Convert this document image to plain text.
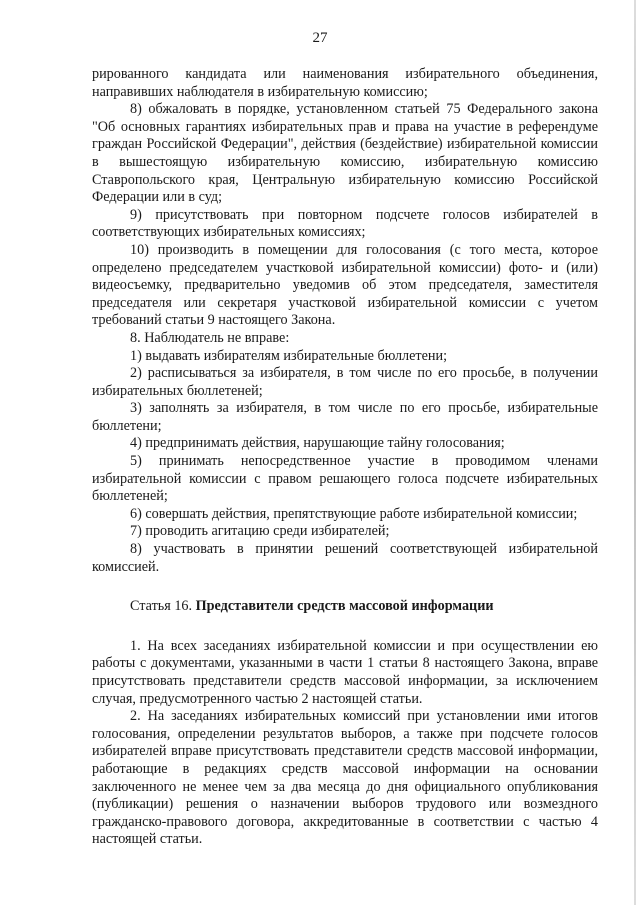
27

рированного кандидата или наименования избирательного объединения, направивших наблюдателя в избирательную комиссию;

8) обжаловать в порядке, установленном статьей 75 Федерального закона "Об основных гарантиях избирательных прав и права на участие в референдуме граждан Российской Федерации", действия (бездействие) избирательной комиссии в вышестоящую избирательную комиссию, избирательную комиссию Ставропольского края, Центральную избирательную комиссию Российской Федерации или в суд;

9) присутствовать при повторном подсчете голосов избирателей в соответствующих избирательных комиссиях;

10) производить в помещении для голосования (с того места, которое определено председателем участковой избирательной комиссии) фото- и (или) видеосъемку, предварительно уведомив об этом председателя, заместителя председателя или секретаря участковой избирательной комиссии с учетом требований статьи 9 настоящего Закона.

8. Наблюдатель не вправе:

1) выдавать избирателям избирательные бюллетени;

2) расписываться за избирателя, в том числе по его просьбе, в получении избирательных бюллетеней;

3) заполнять за избирателя, в том числе по его просьбе, избирательные бюллетени;

4) предпринимать действия, нарушающие тайну голосования;

5) принимать непосредственное участие в проводимом членами избирательной комиссии с правом решающего голоса подсчете избирательных бюллетеней;

6) совершать действия, препятствующие работе избирательной комиссии;

7) проводить агитацию среди избирателей;

8) участвовать в принятии решений соответствующей избирательной комиссией.

Статья 16. Представители средств массовой информации

1. На всех заседаниях избирательной комиссии и при осуществлении ею работы с документами, указанными в части 1 статьи 8 настоящего Закона, вправе присутствовать представители средств массовой информации, за исключением случая, предусмотренного частью 2 настоящей статьи.

2. На заседаниях избирательных комиссий при установлении ими итогов голосования, определении результатов выборов, а также при подсчете голосов избирателей вправе присутствовать представители средств массовой информации, работающие в редакциях средств массовой информации на основании заключенного не менее чем за два месяца до дня официального опубликования (публикации) решения о назначении выборов трудового или возмездного гражданско-правового договора, аккредитованные в соответствии с частью 4 настоящей статьи.
